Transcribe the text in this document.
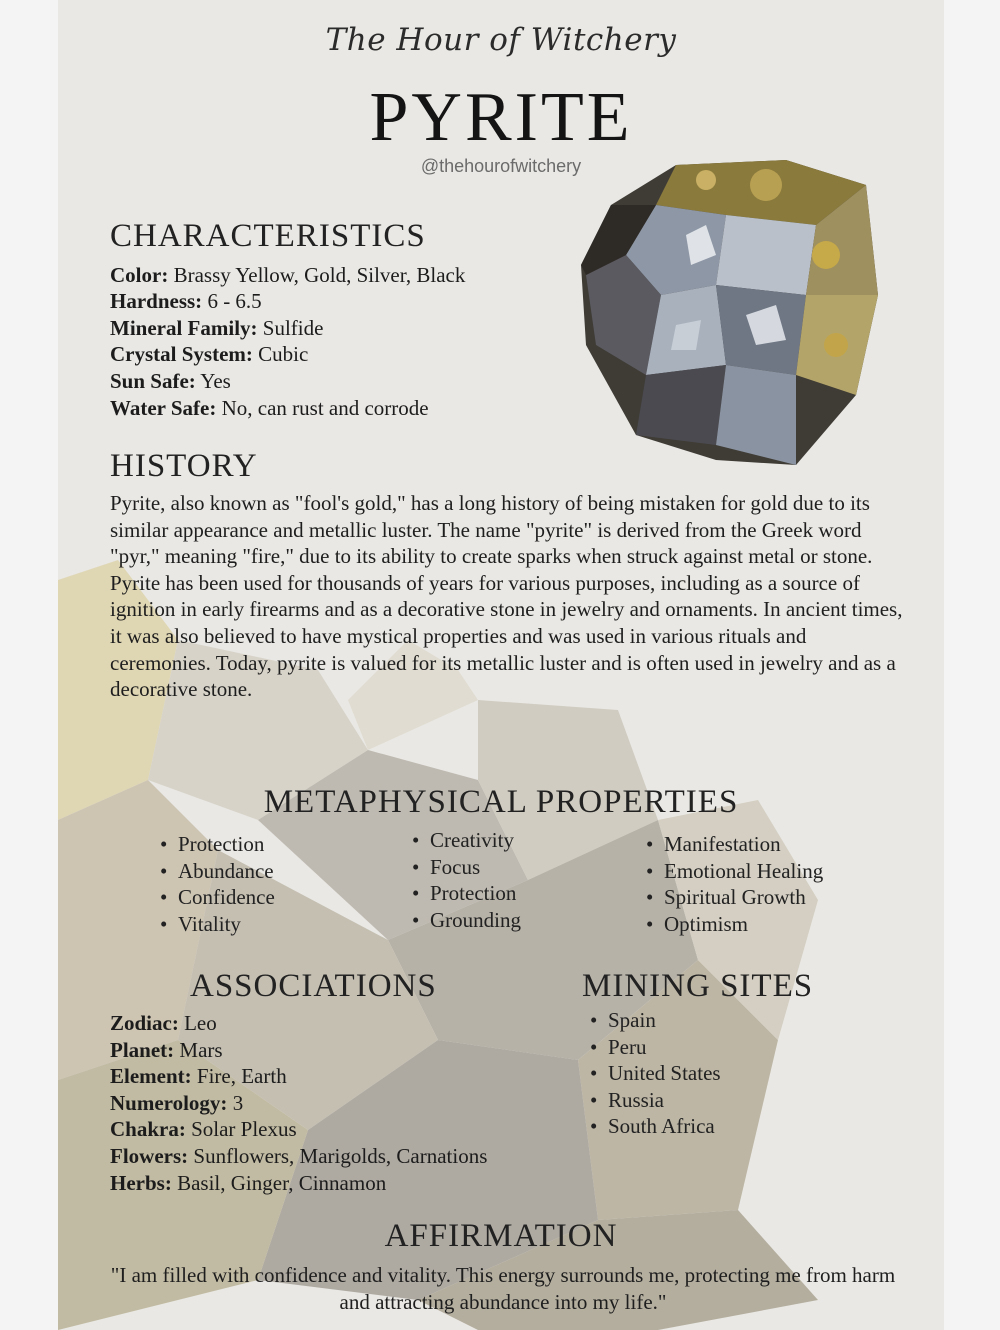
The Hour of Witchery
PYRITE
@thehourofwitchery
CHARACTERISTICS
Color: Brassy Yellow, Gold, Silver, Black
Hardness: 6 - 6.5
Mineral Family: Sulfide
Crystal System: Cubic
Sun Safe: Yes
Water Safe: No, can rust and corrode
HISTORY
Pyrite, also known as "fool's gold," has a long history of being mistaken for gold due to its similar appearance and metallic luster. The name "pyrite" is derived from the Greek word "pyr," meaning "fire," due to its ability to create sparks when struck against metal or stone. Pyrite has been used for thousands of years for various purposes, including as a source of ignition in early firearms and as a decorative stone in jewelry and ornaments. In ancient times, it was also believed to have mystical properties and was used in various rituals and ceremonies. Today, pyrite is valued for its metallic luster and is often used in jewelry and as a decorative stone.
METAPHYSICAL PROPERTIES
• Protection
• Abundance
• Confidence
• Vitality
• Creativity
• Focus
• Protection
• Grounding
• Manifestation
• Emotional Healing
• Spiritual Growth
• Optimism
ASSOCIATIONS
Zodiac: Leo
Planet: Mars
Element: Fire, Earth
Numerology: 3
Chakra: Solar Plexus
Flowers: Sunflowers, Marigolds, Carnations
Herbs: Basil, Ginger, Cinnamon
MINING SITES
• Spain
• Peru
• United States
• Russia
• South Africa
AFFIRMATION
"I am filled with confidence and vitality. This energy surrounds me, protecting me from harm and attracting abundance into my life."
